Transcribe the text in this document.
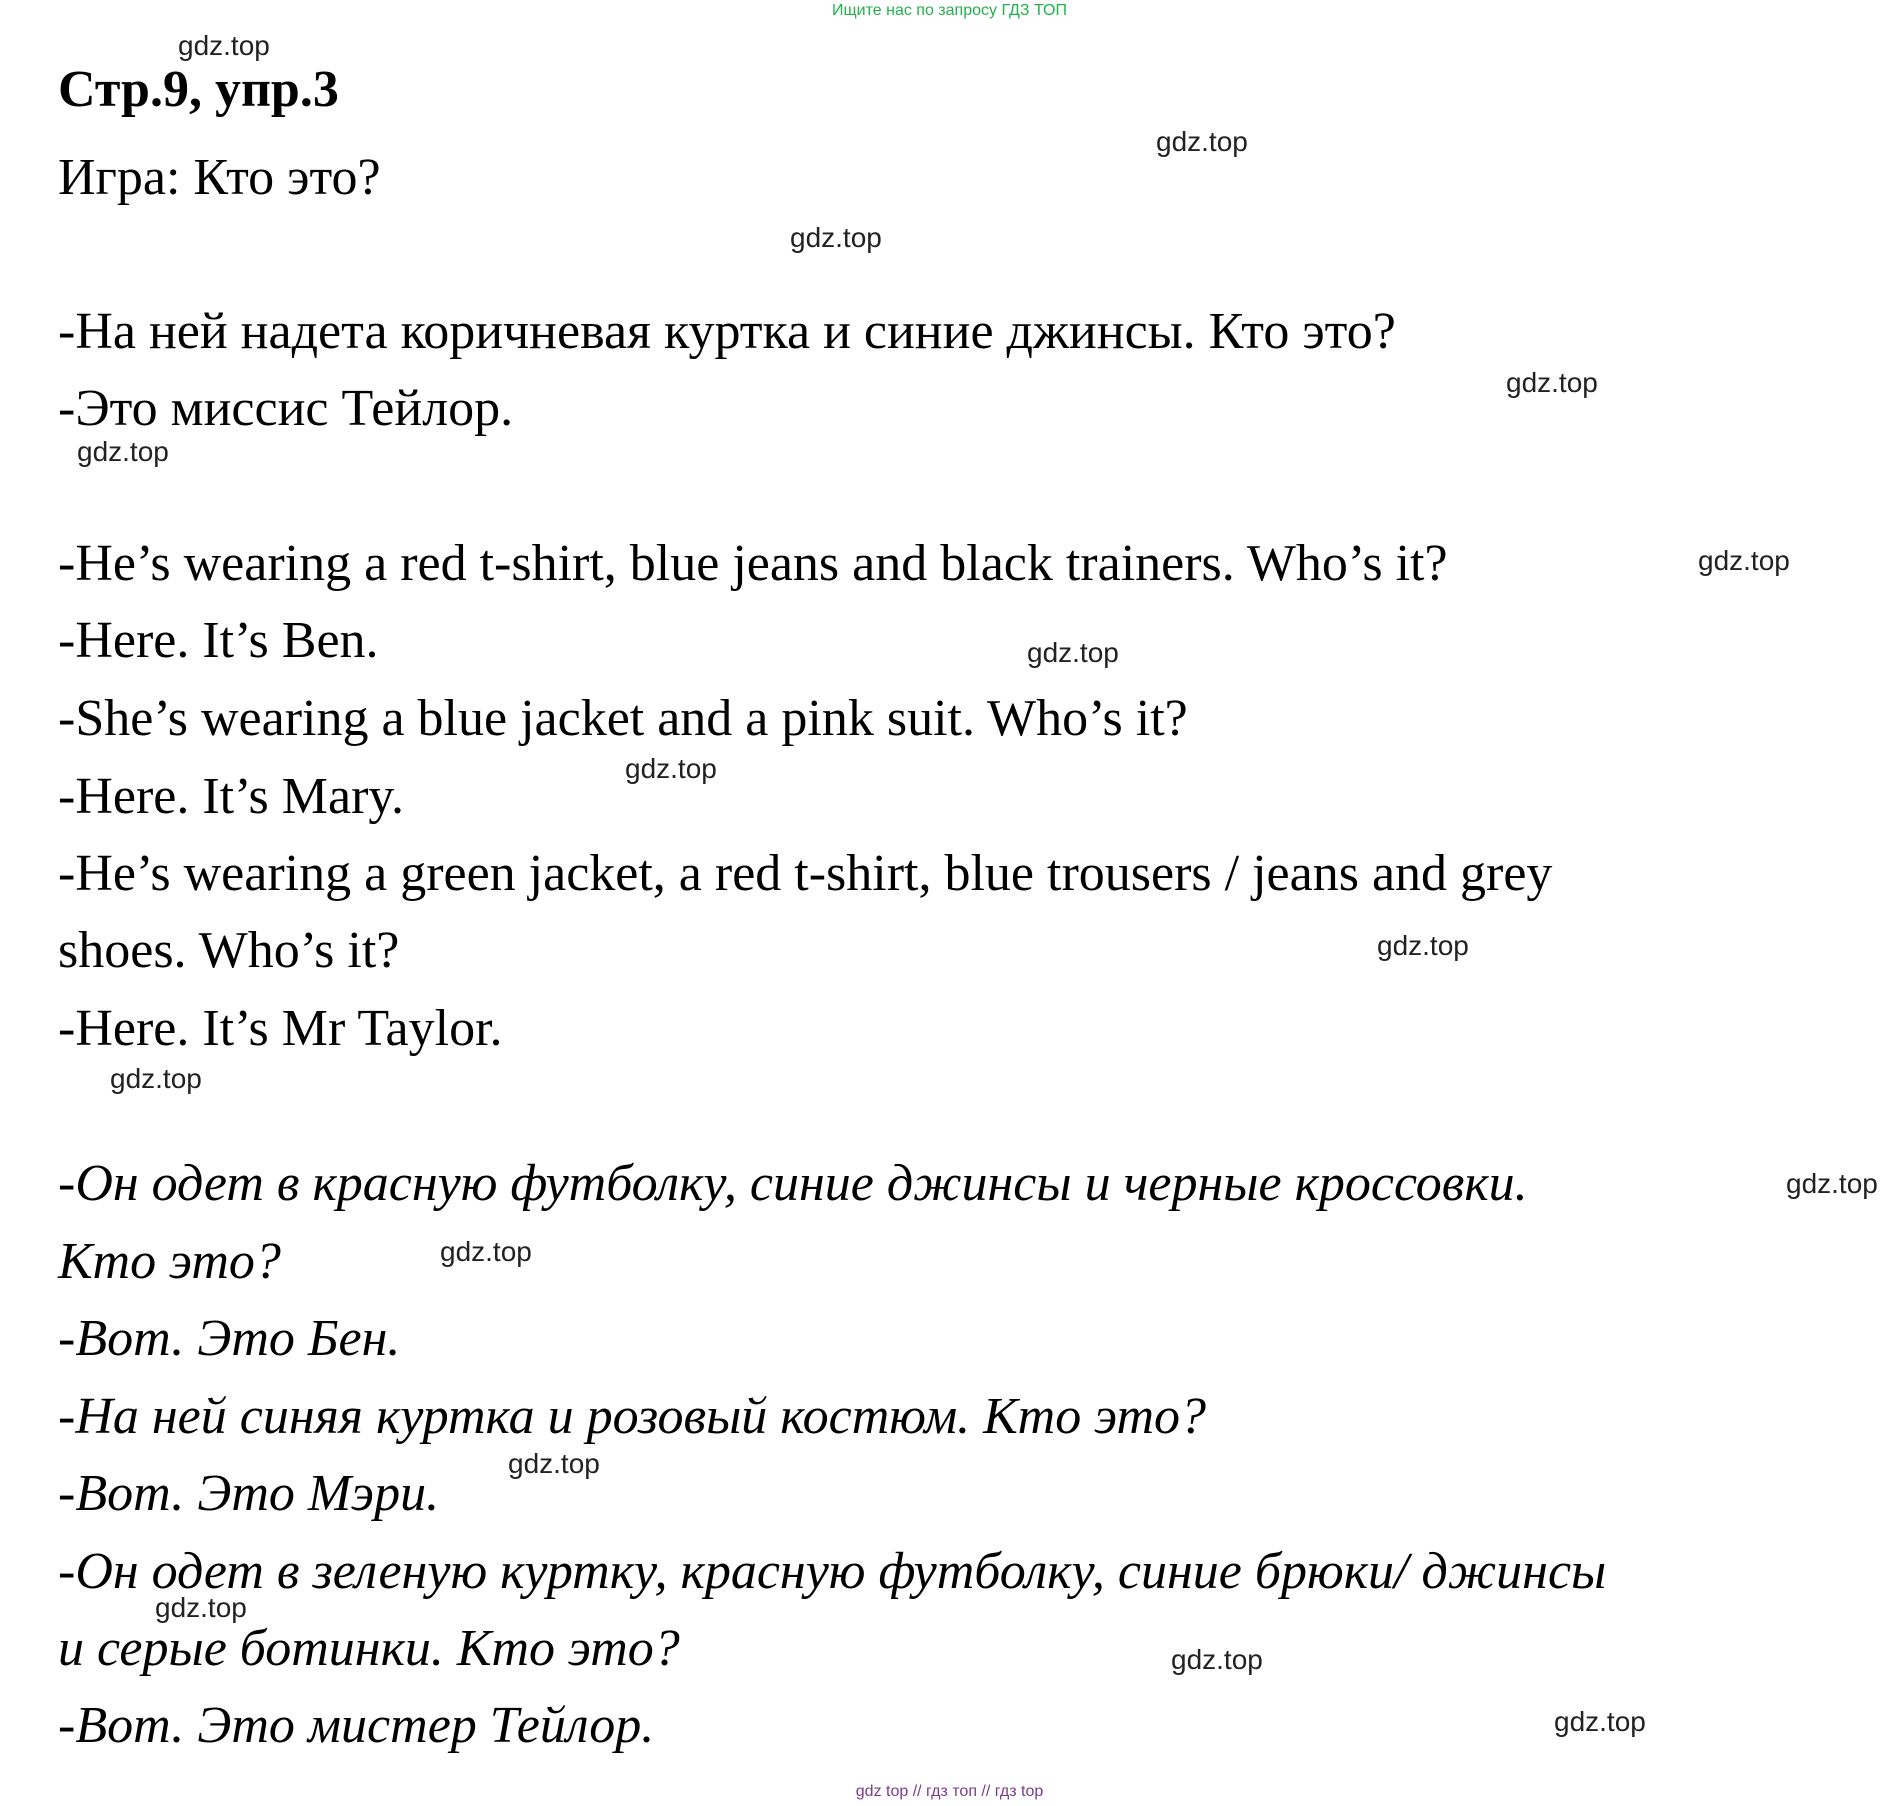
Ищите нас по запросу ГДЗ ТОП
Стр.9, упр.3
Игра: Кто это?
-На ней надета коричневая куртка и синие джинсы. Кто это?
-Это миссис Тейлор.
-He’s wearing a red t-shirt, blue jeans and black trainers. Who’s it?
-Here. It’s Ben.
-She’s wearing a blue jacket and a pink suit. Who’s it?
-Here. It’s Mary.
-He’s wearing a green jacket, a red t-shirt, blue trousers / jeans and grey
shoes. Who’s it?
-Here. It’s Mr Taylor.
-Он одет в красную футболку, синие джинсы и черные кроссовки.
Кто это?
-Вот. Это Бен.
-На ней синяя куртка и розовый костюм. Кто это?
-Вот. Это Мэри.
-Он одет в зеленую куртку, красную футболку, синие брюки/ джинсы
и серые ботинки. Кто это?
-Вот. Это мистер Тейлор.
gdz.top
gdz.top
gdz.top
gdz.top
gdz.top
gdz.top
gdz.top
gdz.top
gdz.top
gdz.top
gdz.top
gdz.top
gdz.top
gdz.top
gdz.top
gdz.top
gdz top // гдз топ // гдз top
